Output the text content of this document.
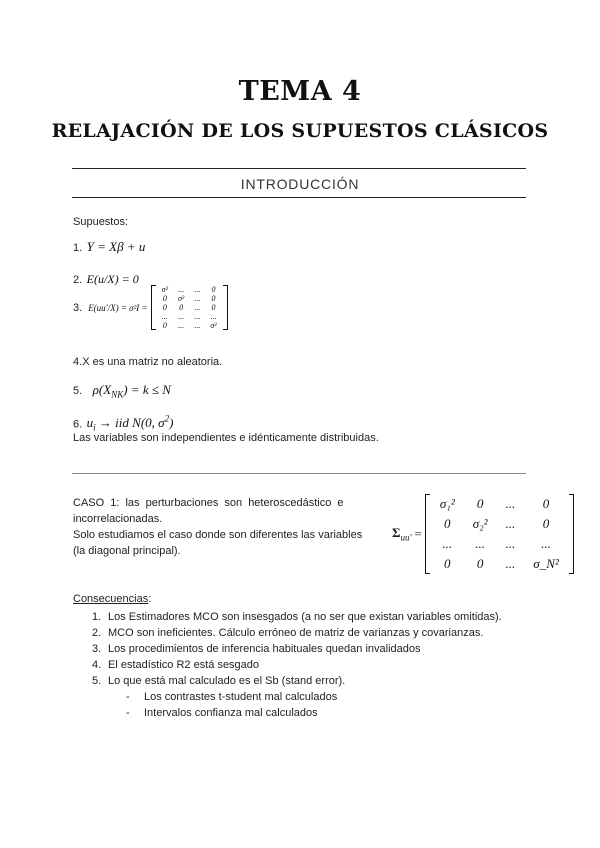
TEMA 4
RELAJACIÓN DE LOS SUPUESTOS CLÁSICOS
INTRODUCCIÓN
Supuestos:
1. Y = Xβ + u
2. E(u/X) = 0
3. E(uu'/X) = σ²I =
σ²	...	...	0
0	σ²	...	0
0	0	...	0
...	...	...	...
0	...	...	σ²
4.X es una matriz no aleatoria.
5. $\rho(X_{NK}) = k \le N$
6. $u_i$ → iid N(0, $\sigma^2$)
Las variables son independientes e idénticamente distribuidas.
CASO 1: las perturbaciones son heteroscedástico e
incorrelacionadas.
Solo estudiamos el caso donde son diferentes las variables
(la diagonal principal).
$\Sigma_{uu'}$ =
σ₁²	0	...	0
0	σ₂²	...	0
...	...	...	...
0	0	...	σ_N²
Consecuencias:
1. Los Estimadores MCO son insesgados (a no ser que existan variables omitidas).
2. MCO son ineficientes. Cálculo erróneo de matriz de varianzas y covarianzas.
3. Los procedimientos de inferencia habituales quedan invalidados
4. El estadístico R2 está sesgado
5. Lo que está mal calculado es el Sb (stand error).
- Los contrastes t-student mal calculados
- Intervalos confianza mal calculados
